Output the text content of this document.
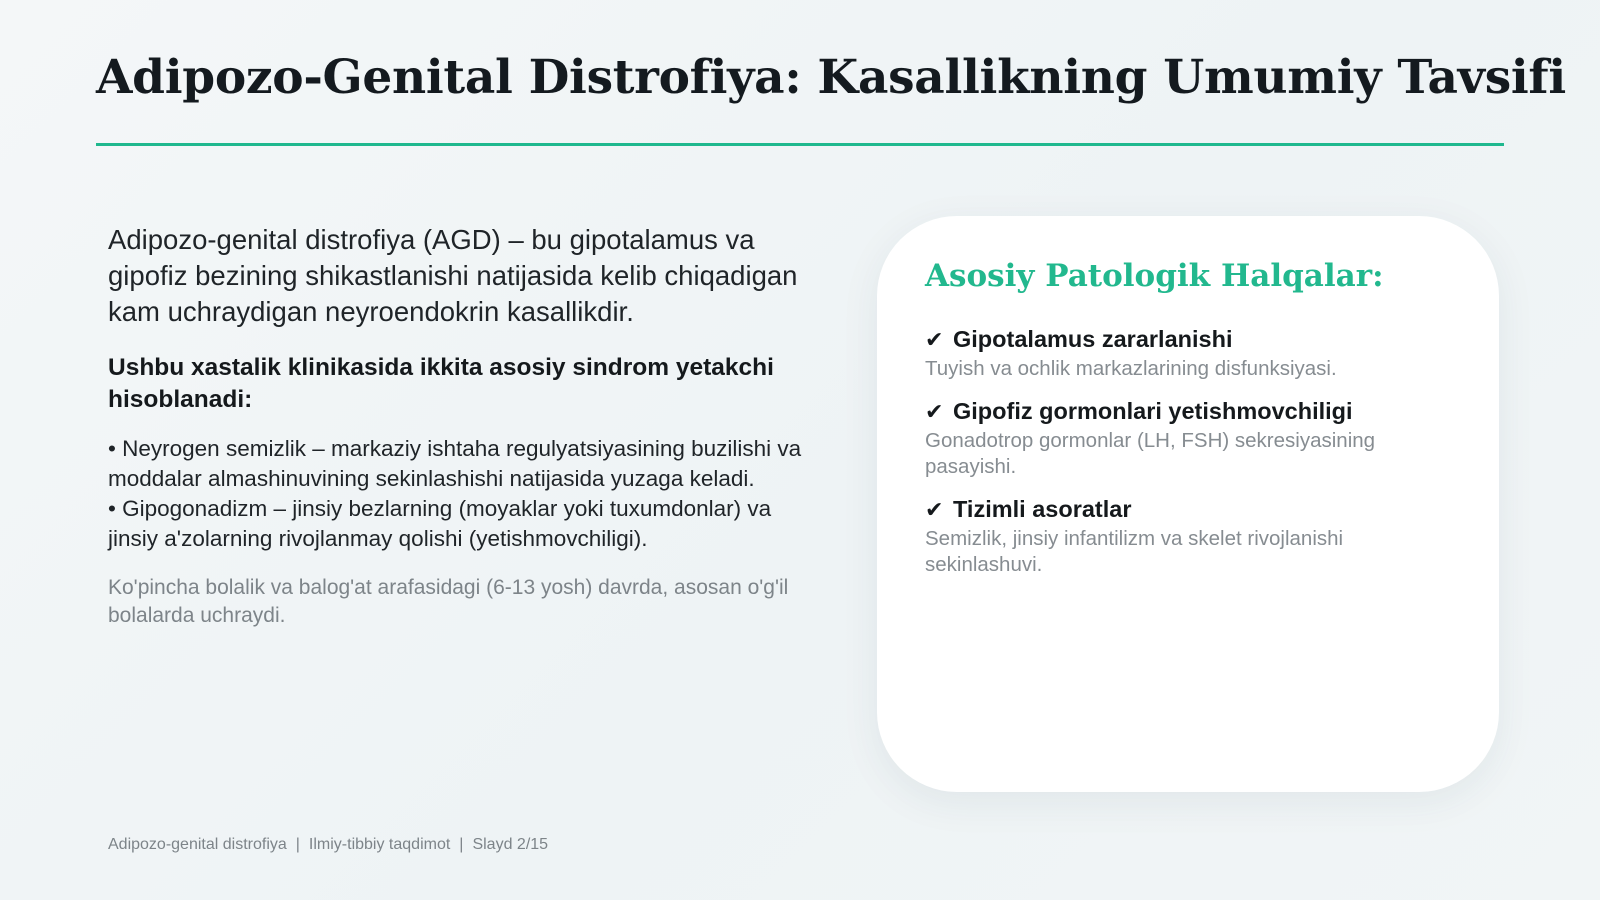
Adipozo-Genital Distrofiya: Kasallikning Umumiy Tavsifi

Adipozo-genital distrofiya (AGD) – bu gipotalamus va gipofiz bezining shikastlanishi natijasida kelib chiqadigan kam uchraydigan neyroendokrin kasallikdir.

Ushbu xastalik klinikasida ikkita asosiy sindrom yetakchi hisoblanadi:

• Neyrogen semizlik – markaziy ishtaha regulyatsiyasining buzilishi va moddalar almashinuvining sekinlashishi natijasida yuzaga keladi.
• Gipogonadizm – jinsiy bezlarning (moyaklar yoki tuxumdonlar) va jinsiy a'zolarning rivojlanmay qolishi (yetishmovchiligi).

Ko'pincha bolalik va balog'at arafasidagi (6-13 yosh) davrda, asosan o'g'il bolalarda uchraydi.

Asosiy Patologik Halqalar:
✔ Gipotalamus zararlanishi
Tuyish va ochlik markazlarining disfunksiyasi.
✔ Gipofiz gormonlari yetishmovchiligi
Gonadotrop gormonlar (LH, FSH) sekresiyasining pasayishi.
✔ Tizimli asoratlar
Semizlik, jinsiy infantilizm va skelet rivojlanishi sekinlashuvi.
Adipozo-genital distrofiya | Ilmiy-tibbiy taqdimot | Slayd 2/15
